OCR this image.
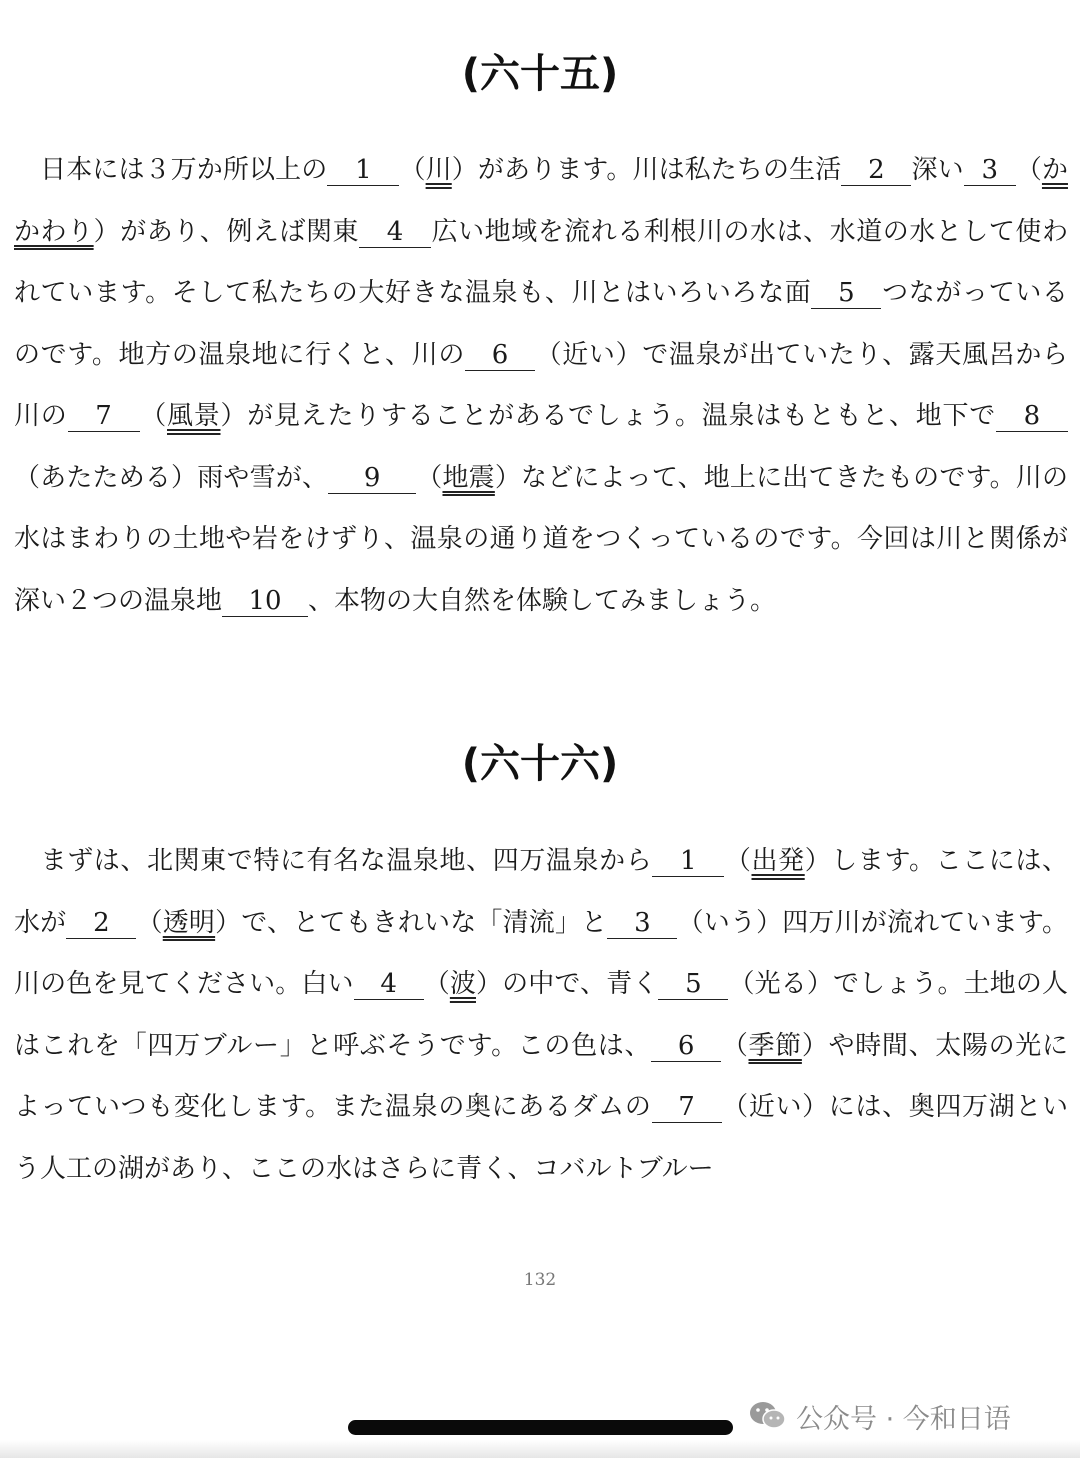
(六十五)

日本には３万か所以上の 1 （川）があります。川は私たちの生活 2 深い 3 （かかわり）があり、例えば関東 4 広い地域を流れる利根川の水は、水道の水として使われています。そして私たちの大好きな温泉も、川とはいろいろな面 5 つながっているのです。地方の温泉地に行くと、川の 6 （近い）で温泉が出ていたり、露天風呂から川の 7 （風景）が見えたりすることがあるでしょう。温泉はもともと、地下で 8（あたためる）雨や雪が、 9 （地震）などによって、地上に出てきたものです。川の水はまわりの土地や岩をけずり、温泉の通り道をつくっているのです。今回は川と関係が深い２つの温泉地 10 、本物の大自然を体験してみましょう。

(六十六)

まずは、北関東で特に有名な温泉地、四万温泉から 1 （出発）します。ここには、水が 2 （透明）で、とてもきれいな「清流」と 3 （いう）四万川が流れています。川の色を見てください。白い 4 （波）の中で、青く 5 （光る）でしょう。土地の人はこれを「四万ブルー」と呼ぶそうです。この色は、 6 （季節）や時間、太陽の光によっていつも変化します。また温泉の奥にあるダムの 7 （近い）には、奥四万湖という人工の湖があり、ここの水はさらに青く、コバルトブルー

132
公众号 · 今和日语
